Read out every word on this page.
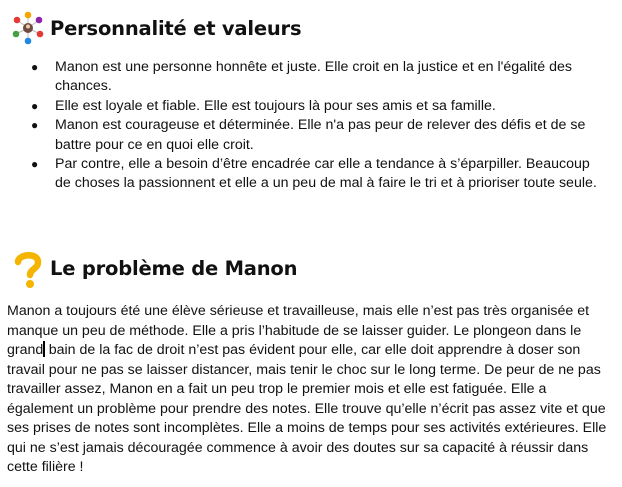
Personnalité et valeurs
● Manon est une personne honnête et juste. Elle croit en la justice et en l'égalité des chances.
● Elle est loyale et fiable. Elle est toujours là pour ses amis et sa famille.
● Manon est courageuse et déterminée. Elle n'a pas peur de relever des défis et de se battre pour ce en quoi elle croit.
● Par contre, elle a besoin d’être encadrée car elle a tendance à s’éparpiller. Beaucoup de choses la passionnent et elle a un peu de mal à faire le tri et à prioriser toute seule.
Le problème de Manon

Manon a toujours été une élève sérieuse et travailleuse, mais elle n’est pas très organisée et manque un peu de méthode. Elle a pris l’habitude de se laisser guider. Le plongeon dans le grand bain de la fac de droit n’est pas évident pour elle, car elle doit apprendre à doser son travail pour ne pas se laisser distancer, mais tenir le choc sur le long terme. De peur de ne pas travailler assez, Manon en a fait un peu trop le premier mois et elle est fatiguée. Elle a également un problème pour prendre des notes. Elle trouve qu’elle n’écrit pas assez vite et que ses prises de notes sont incomplètes. Elle a moins de temps pour ses activités extérieures. Elle qui ne s’est jamais découragée commence à avoir des doutes sur sa capacité à réussir dans cette filière !
